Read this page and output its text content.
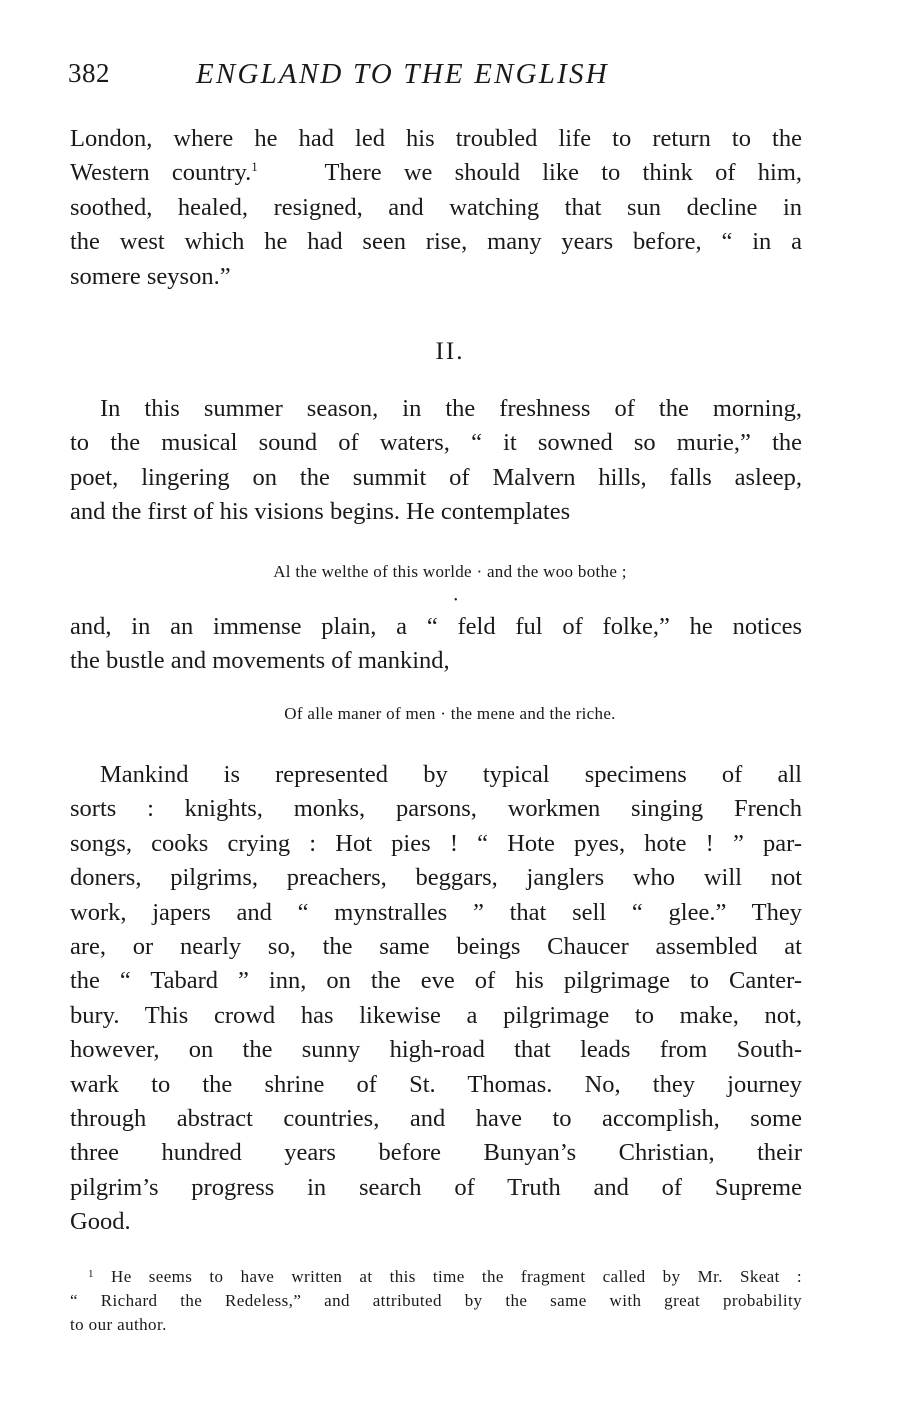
382	ENGLAND TO THE ENGLISH
London, where he had led his troubled life to return to the
Western country.$^1$	There we should like to think of him,
soothed, healed, resigned, and watching that sun decline in
the west which he had seen rise, many years before, “ in a
somere seyson.”
II.
In this summer season, in the freshness of the morning,
to the musical sound of waters, “ it sowned so murie,” the
poet, lingering on the summit of Malvern hills, falls asleep,
and the first of his visions begins. He contemplates
Al the welthe of this worlde · and the woo bothe ;
•
and, in an immense plain, a “ feld ful of folke,” he notices
the bustle and movements of mankind,
Of alle maner of men · the mene and the riche.
Mankind is represented by typical specimens of all
sorts : knights, monks, parsons, workmen singing French
songs, cooks crying : Hot pies ! “ Hote pyes, hote ! ” par-
doners, pilgrims, preachers, beggars, janglers who will not
work, japers and “ mynstralles ” that sell “ glee.” They
are, or nearly so, the same beings Chaucer assembled at
the “ Tabard ” inn, on the eve of his pilgrimage to Canter-
bury. This crowd has likewise a pilgrimage to make, not,
however, on the sunny high-road that leads from South-
wark to the shrine of St. Thomas. No, they journey
through abstract countries, and have to accomplish, some
three hundred years before Bunyan’s Christian, their
pilgrim’s progress in search of Truth and of Supreme
Good.
$^1$ He seems to have written at this time the fragment called by Mr. Skeat :
“ Richard the Redeless,” and attributed by the same with great probability
to our author.
